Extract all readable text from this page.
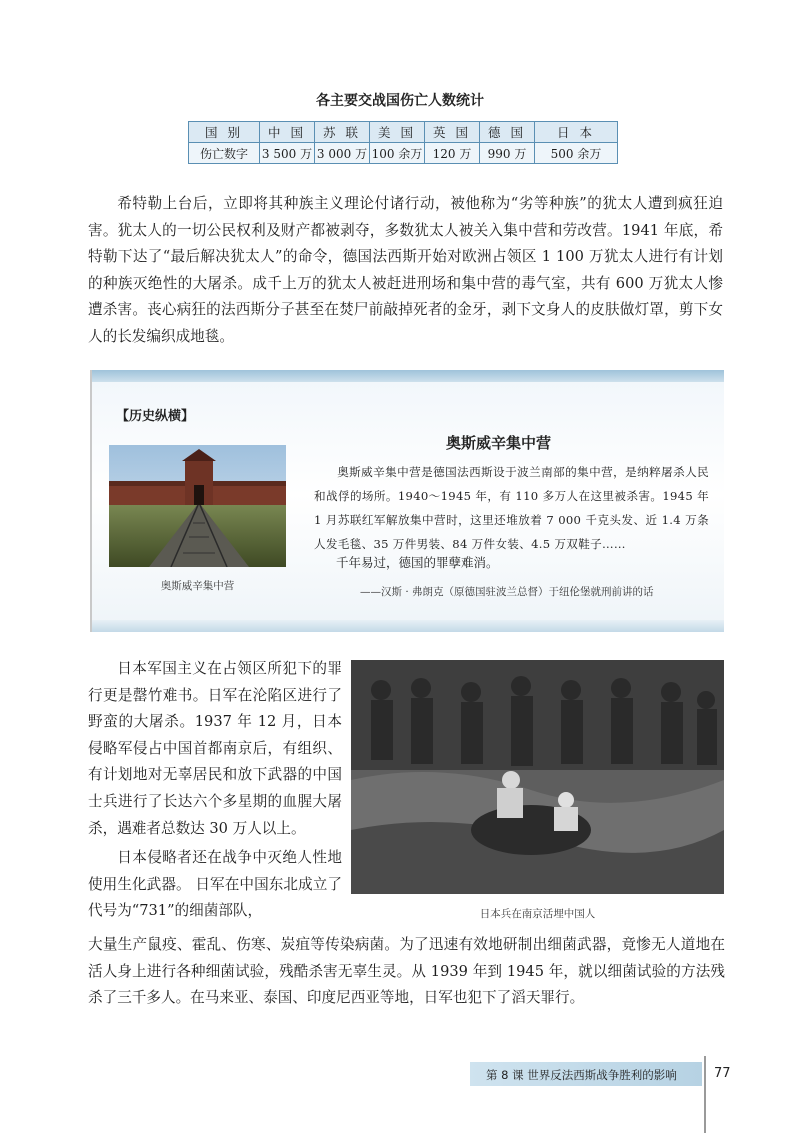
各主要交战国伤亡人数统计
国 别	中 国	苏 联	美 国	英 国	德 国	日 本
伤亡数字	3 500 万	3 000 万	100 余万	120 万	990 万	500 余万

希特勒上台后，立即将其种族主义理论付诸行动，被他称为“劣等种族”的犹太人遭到疯狂迫害。犹太人的一切公民权利及财产都被剥夺，多数犹太人被关入集中营和劳改营。1941 年底，希特勒下达了“最后解决犹太人”的命令，德国法西斯开始对欧洲占领区 1 100 万犹太人进行有计划的种族灭绝性的大屠杀。成千上万的犹太人被赶进刑场和集中营的毒气室，共有 600 万犹太人惨遭杀害。丧心病狂的法西斯分子甚至在焚尸前敲掉死者的金牙，剥下文身人的皮肤做灯罩，剪下女人的长发编织成地毯。

【历史纵横】
奥斯威辛集中营

奥斯威辛集中营是德国法西斯设于波兰南部的集中营，是纳粹屠杀人民和战俘的场所。1940～1945 年，有 110 多万人在这里被杀害。1945 年 1 月苏联红军解放集中营时，这里还堆放着 7 000 千克头发、近 1.4 万条人发毛毯、35 万件男装、84 万件女装、4.5 万双鞋子……

千年易过，德国的罪孽难消。
——汉斯 · 弗朗克（原德国驻波兰总督）于纽伦堡就刑前讲的话
奥斯威辛集中营

日本军国主义在占领区所犯下的罪行更是罄竹难书。日军在沦陷区进行了野蛮的大屠杀。1937 年 12 月，日本侵略军侵占中国首都南京后，有组织、有计划地对无辜居民和放下武器的中国士兵进行了长达六个多星期的血腥大屠杀，遇难者总数达 30 万人以上。

日本侵略者还在战争中灭绝人性地使用生化武器。 日军在中国东北成立了代号为“731”的细菌部队，

大量生产鼠疫、霍乱、伤寒、炭疽等传染病菌。为了迅速有效地研制出细菌武器，竟惨无人道地在活人身上进行各种细菌试验，残酷杀害无辜生灵。从 1939 年到 1945 年，就以细菌试验的方法残杀了三千多人。在马来亚、泰国、印度尼西亚等地，日军也犯下了滔天罪行。

日本兵在南京活埋中国人
第 8 课 世界反法西斯战争胜利的影响	77
